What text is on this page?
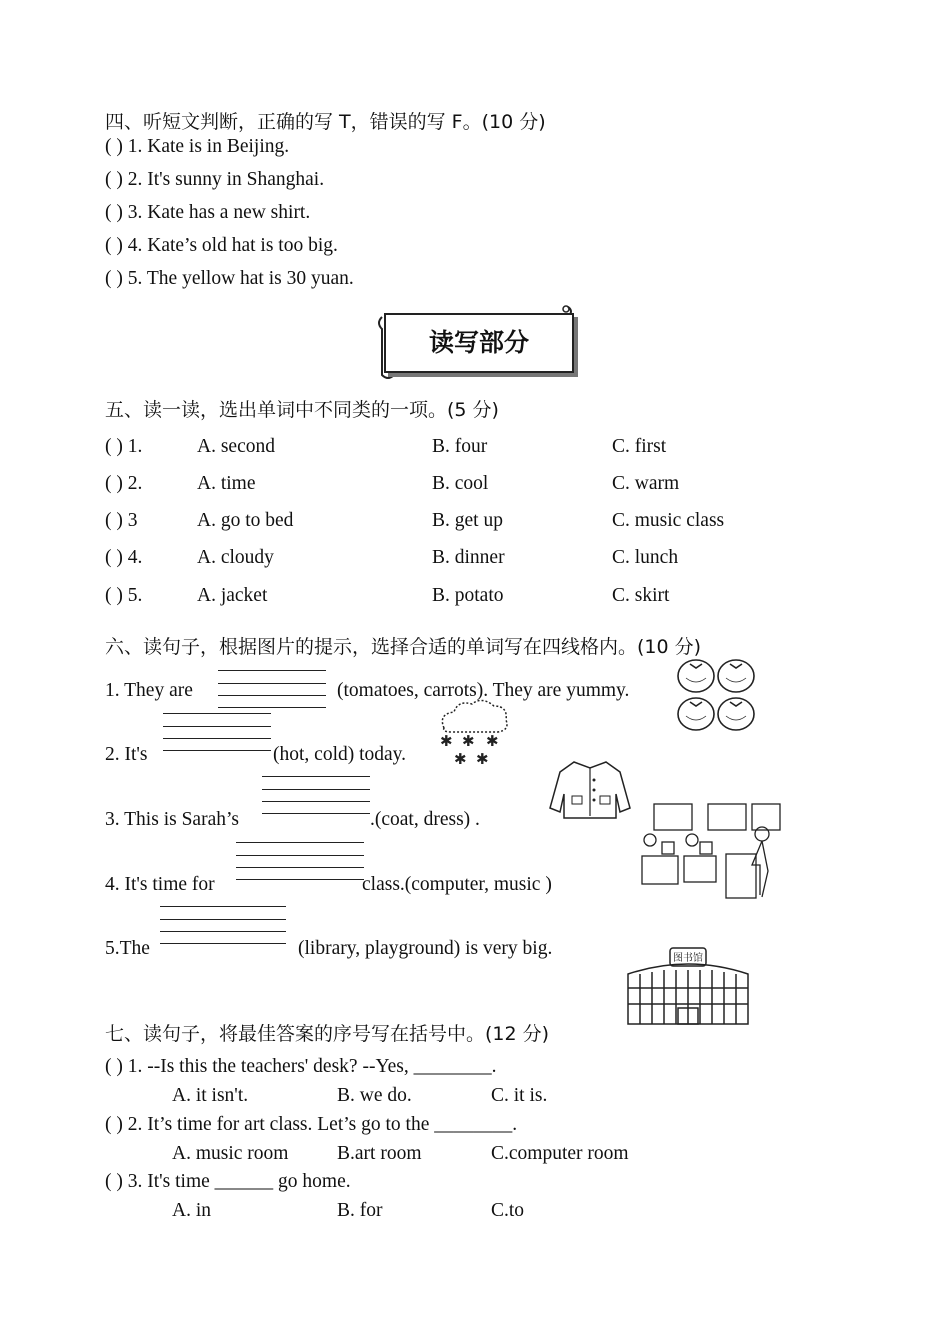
四、听短文判断，正确的写 T，错误的写 F。(10 分)
( ) 1. Kate is in Beijing.
( ) 2. It's sunny in Shanghai.
( ) 3. Kate has a new shirt.
( ) 4. Kate’s old hat is too big.
( ) 5. The yellow hat is 30 yuan.
读写部分
五、读一读，选出单词中不同类的一项。(5 分)
( ) 1.	A. second	B. four	C. first
( ) 2.	A. time	B. cool	C. warm
( ) 3	A. go to bed	B. get up	C. music class
( ) 4.	A. cloudy	B. dinner	C. lunch
( ) 5.	A. jacket	B. potato	C. skirt
六、读句子，根据图片的提示，选择合适的单词写在四线格内。(10 分)
1. They are	(tomatoes, carrots). They are yummy.
2. It's	(hot, cold) today.
✱ ✱ ✱
✱ ✱
3. This is Sarah’s	.(coat, dress) .
4. It's time for	class.(computer, music )
5.The	(library, playground) is very big.	图书馆
七、读句子，将最佳答案的序号写在括号中。(12 分)
( ) 1. --Is this the teachers' desk? --Yes, ________.
A. it isn't.	B. we do.	C. it is.
( ) 2. It’s time for art class. Let’s go to the ________.
A. music room B.art room	C.computer room
( ) 3. It's time ______ go home.
A. in	B. for	C.to
